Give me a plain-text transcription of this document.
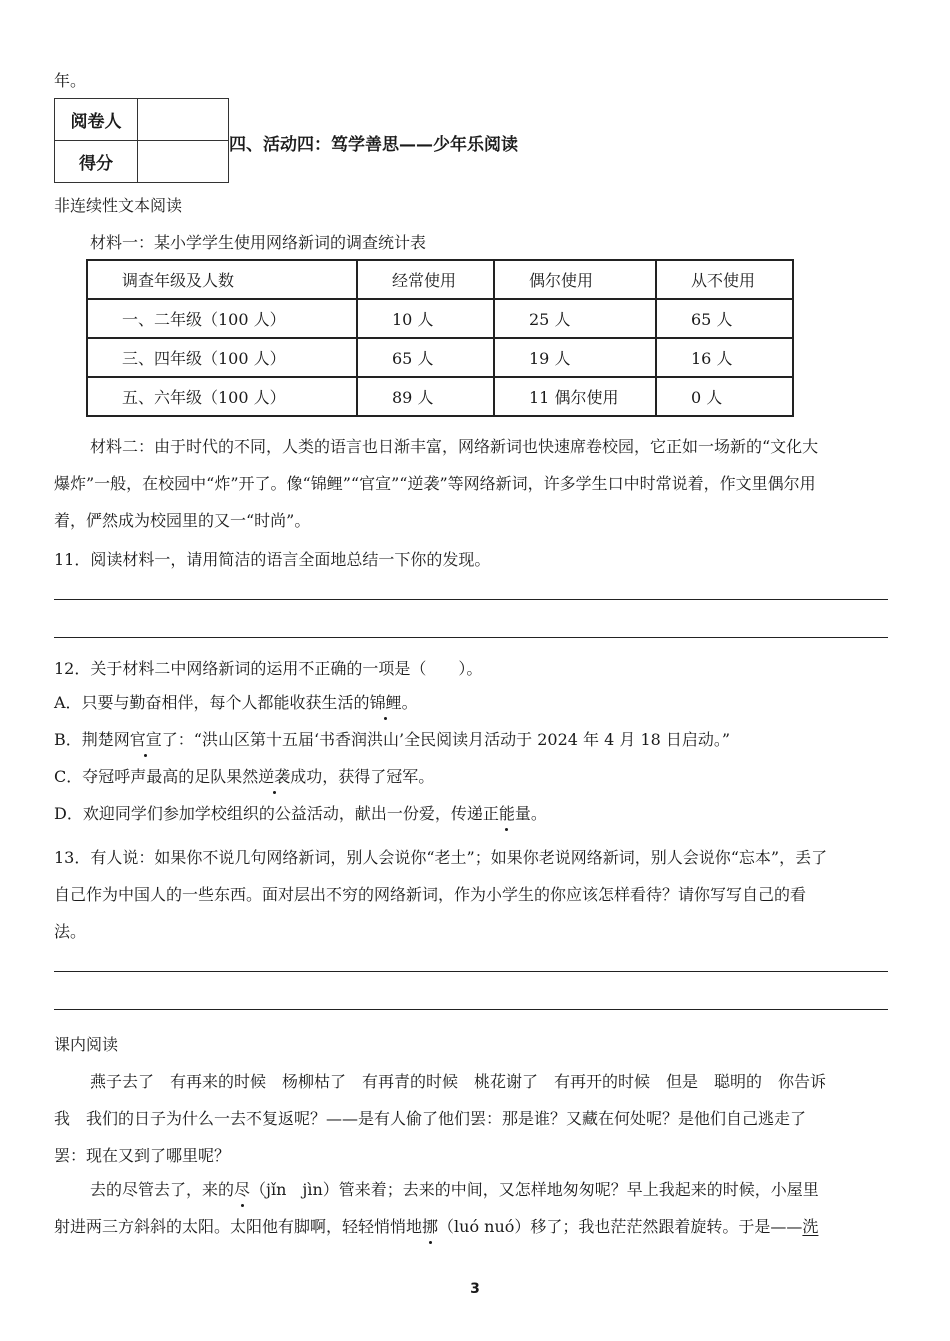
年。
阅卷人	
得分	
四、活动四：笃学善思——少年乐阅读
非连续性文本阅读
材料一：某小学学生使用网络新词的调查统计表
调查年级及人数	经常使用	偶尔使用	从不使用
一、二年级（100 人）	10 人	25 人	65 人
三、四年级（100 人）	65 人	19 人	16 人
五、六年级（100 人）	89 人	11 偶尔使用	0 人
材料二：由于时代的不同，人类的语言也日渐丰富，网络新词也快速席卷校园，它正如一场新的“文化大
爆炸”一般，在校园中“炸”开了。像“锦鲤”“官宣”“逆袭”等网络新词，许多学生口中时常说着，作文里偶尔用
着，俨然成为校园里的又一“时尚”。
11．阅读材料一，请用简洁的语言全面地总结一下你的发现。
12．关于材料二中网络新词的运用不正确的一项是（　　）。
A．只要与勤奋相伴，每个人都能收获生活的锦鲤。
B．荆楚网官宣了：“洪山区第十五届‘书香润洪山’全民阅读月活动于 2024 年 4 月 18 日启动。”
C．夺冠呼声最高的足队果然逆袭成功，获得了冠军。
D．欢迎同学们参加学校组织的公益活动，献出一份爱，传递正能量。
13．有人说：如果你不说几句网络新词，别人会说你“老土”；如果你老说网络新词，别人会说你“忘本”，丢了
自己作为中国人的一些东西。面对层出不穷的网络新词，作为小学生的你应该怎样看待？请你写写自己的看
法。
课内阅读
燕子去了　有再来的时候　杨柳枯了　有再青的时候　桃花谢了　有再开的时候　但是　聪明的　你告诉
我　我们的日子为什么一去不复返呢？——是有人偷了他们罢：那是谁？又藏在何处呢？是他们自己逃走了
罢：现在又到了哪里呢？
去的尽管去了，来的尽（jǐn　jìn）管来着；去来的中间，又怎样地匆匆呢？早上我起来的时候，小屋里
射进两三方斜斜的太阳。太阳他有脚啊，轻轻悄悄地挪（luó nuó）移了；我也茫茫然跟着旋转。于是——洗
3
